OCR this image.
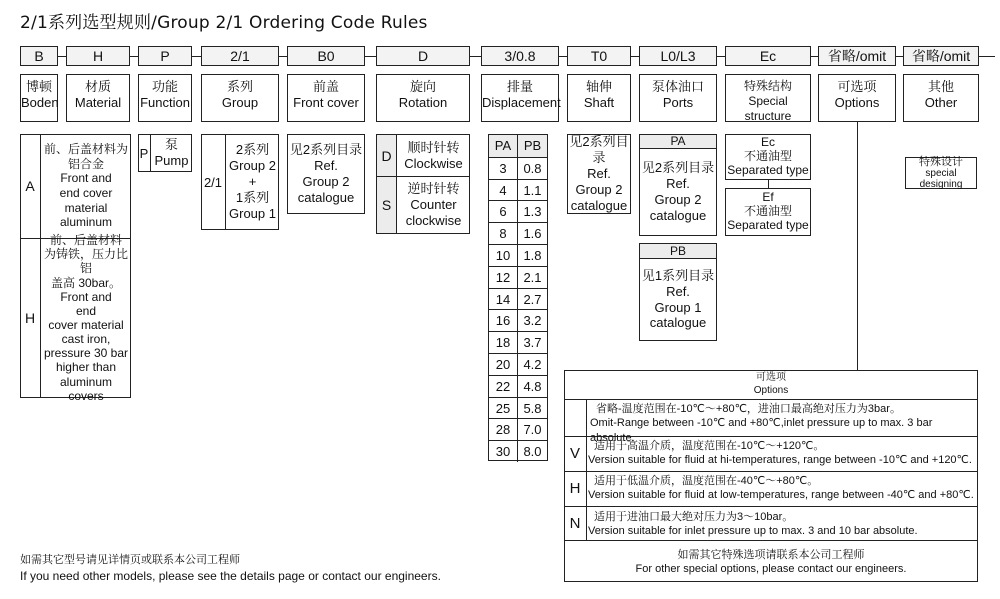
2/1系列选型规则/Group 2/1 Ordering Code Rules
B	H	P	2/1	B0	D	3/0.8	T0	L0/L3	Ec	省略/omit	省略/omit
博顿
Boden
材质
Material
功能
Function
系列
Group
前盖
Front cover
旋向
Rotation
排量
Displacement
轴伸
Shaft
泵体油口
Ports
特殊结构
Special structure
可选项
Options
其他
Other
A
前、后盖材料为铝合金
Front and
end cover
material
aluminum
H
前、后盖材料
为铸铁，压力比铝
盖高 30bar。
Front and
end
cover material
cast iron,
pressure 30 bar
higher than
aluminum covers
P
泵
Pump
2/1
2系列
Group 2
+
1系列
Group 1
见2系列目录
Ref.
Group 2
catalogue
D
顺时针转
Clockwise
S
逆时针转
Counter
clockwise
PA PB
3	0.8
4	1.1
6	1.3
8	1.6
10	1.8
12	2.1
14	2.7
16	3.2
18	3.7
20	4.2
22	4.8
25	5.8
28	7.0
30	8.0
见2系列目录
Ref.
Group 2
catalogue
PA
见2系列目录
Ref.
Group 2
catalogue
PB
见1系列目录
Ref.
Group 1
catalogue
Ec
不通油型
Separated type
Ef
不通油型
Separated type
特殊设计
special designing
可选项
Options
省略-温度范围在-10℃～+80℃，进油口最高绝对压力为3bar。
Omit-Range between -10℃ and +80℃,inlet pressure up to max. 3 bar absolute.
V	适用于高温介质，温度范围在-10℃～+120℃。
Version suitable for fluid at hi-temperatures, range between -10℃ and +120℃.
H	适用于低温介质，温度范围在-40℃～+80℃。
Version suitable for fluid at low-temperatures, range between -40℃ and +80℃.
N	适用于进油口最大绝对压力为3～10bar。
Version suitable for inlet pressure up to max. 3 and 10 bar absolute.
如需其它特殊选项请联系本公司工程师
For other special options, please contact our engineers.
如需其它型号请见详情页或联系本公司工程师
If you need other models, please see the details page or contact our engineers.
